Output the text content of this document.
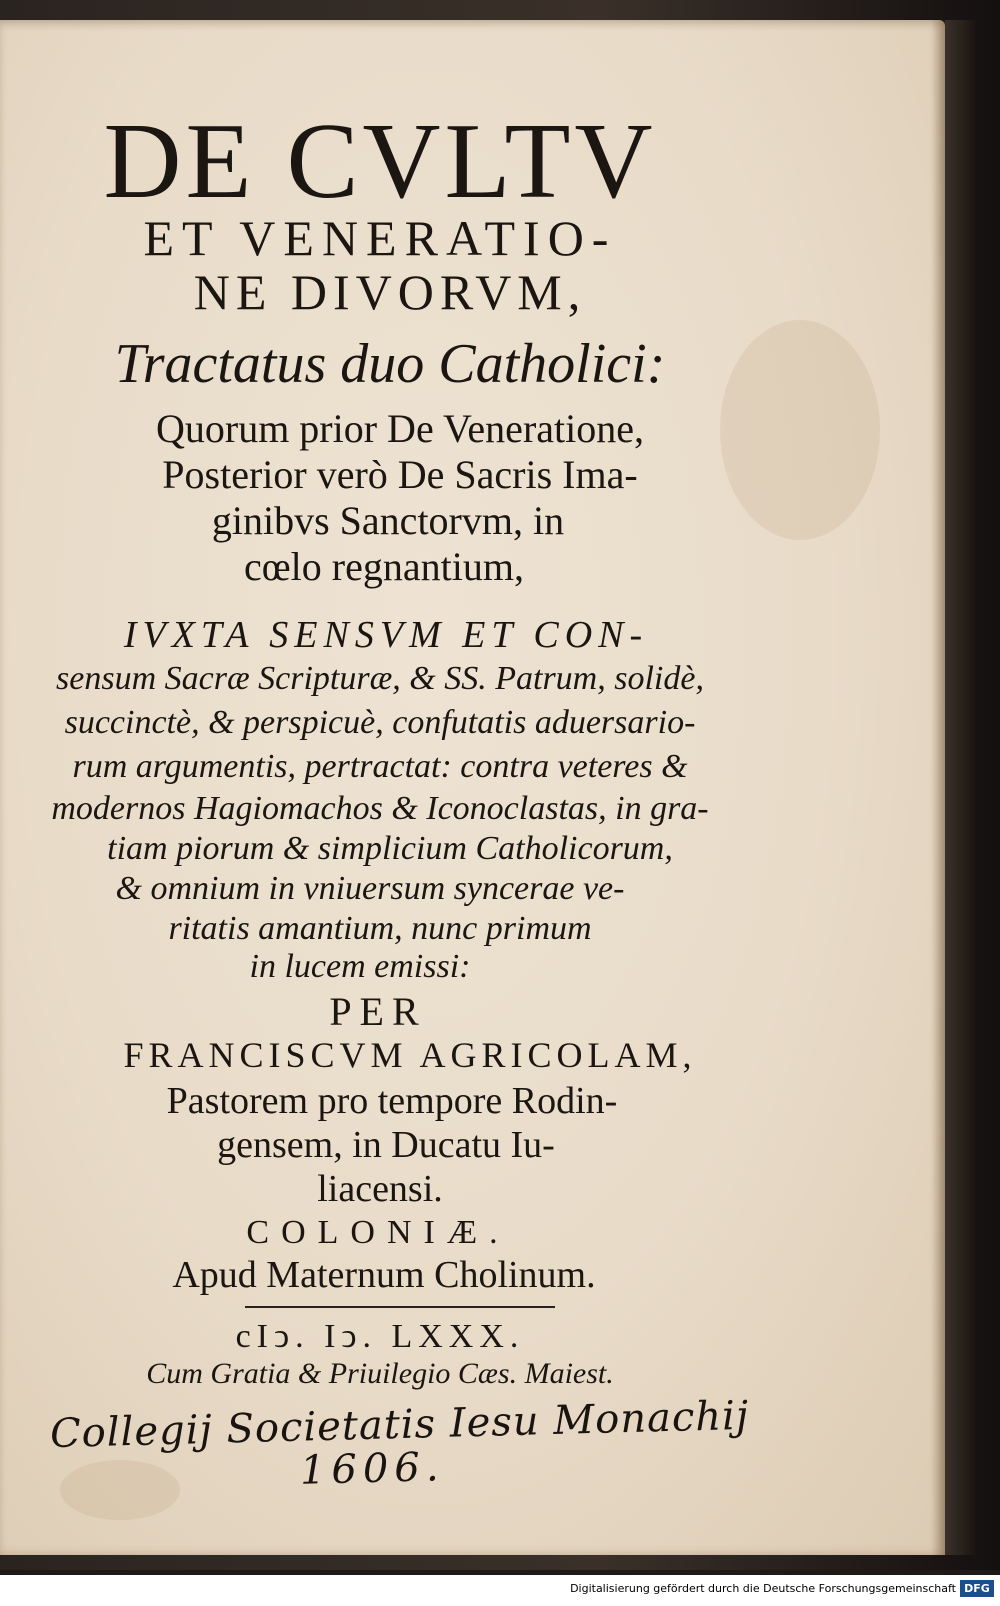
DE CVLTV
ET VENERATIO-
NE DIVORVM,
Tractatus duo Catholici:
Quorum prior De Veneratione,
Posterior verò De Sacris Ima-
ginibvs Sanctorvm, in
cœlo regnantium,
IVXTA SENSVM ET CON-
sensum Sacræ Scripturæ, & SS. Patrum, solidè,
succinctè, & perspicuè, confutatis aduersario-
rum argumentis, pertractat: contra veteres &
modernos Hagiomachos & Iconoclastas, in gra-
tiam piorum & simplicium Catholicorum,
& omnium in vniuersum syncerae ve-
ritatis amantium, nunc primum
in lucem emissi:
PER
FRANCISCVM AGRICOLAM,
Pastorem pro tempore Rodin-
gensem, in Ducatu Iu-
liacensi.
COLONIÆ.
Apud Maternum Cholinum.
cIↄ. Iↄ. LXXX.
Cum Gratia & Priuilegio Cæs. Maiest.
Collegij Societatis Iesu Monachij
1606.
Digitalisierung gefördert durch die Deutsche Forschungsgemeinschaft DFG
